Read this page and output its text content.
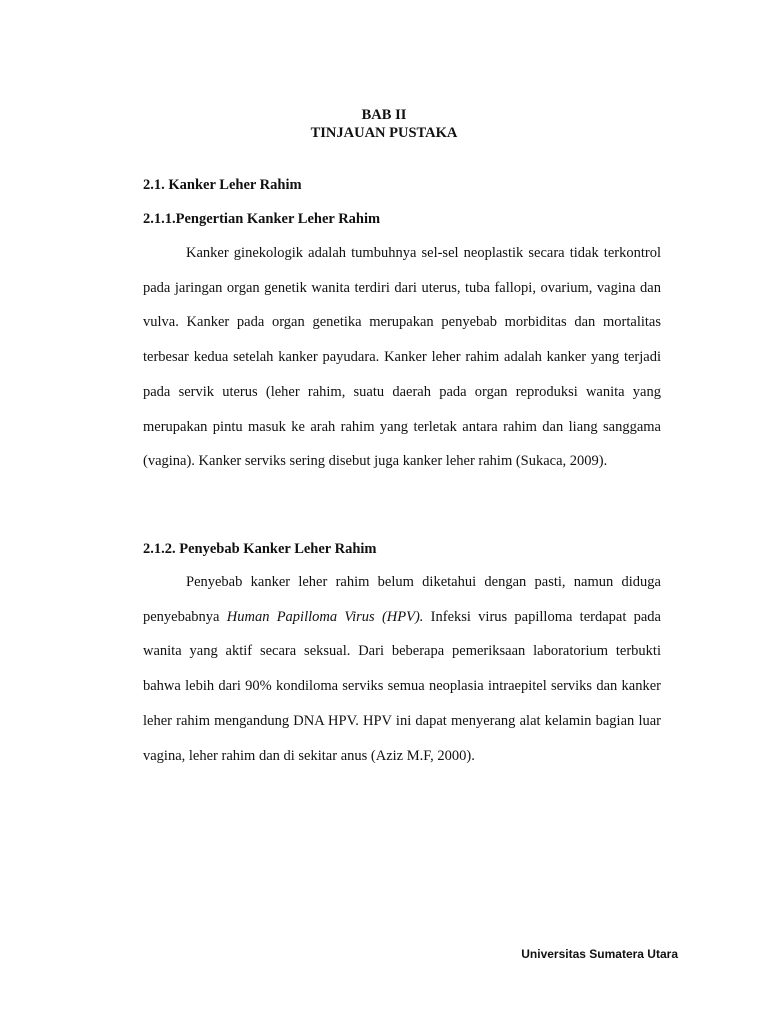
BAB II
TINJAUAN PUSTAKA
2.1. Kanker Leher Rahim
2.1.1.Pengertian Kanker Leher Rahim

Kanker ginekologik adalah tumbuhnya sel-sel neoplastik secara tidak terkontrol pada jaringan organ genetik wanita terdiri dari uterus, tuba fallopi, ovarium, vagina dan vulva. Kanker pada organ genetika merupakan penyebab morbiditas dan mortalitas terbesar kedua setelah kanker payudara. Kanker leher rahim adalah kanker yang terjadi pada servik uterus (leher rahim, suatu daerah pada organ reproduksi wanita yang merupakan pintu masuk ke arah rahim yang terletak antara rahim dan liang sanggama (vagina). Kanker serviks sering disebut juga kanker leher rahim (Sukaca, 2009).

2.1.2. Penyebab Kanker Leher Rahim

Penyebab kanker leher rahim belum diketahui dengan pasti, namun diduga penyebabnya Human Papilloma Virus (HPV). Infeksi virus papilloma terdapat pada wanita yang aktif secara seksual. Dari beberapa pemeriksaan laboratorium terbukti bahwa lebih dari 90% kondiloma serviks semua neoplasia intraepitel serviks dan kanker leher rahim mengandung DNA HPV. HPV ini dapat menyerang alat kelamin bagian luar vagina, leher rahim dan di sekitar anus (Aziz M.F, 2000).

Universitas Sumatera Utara
